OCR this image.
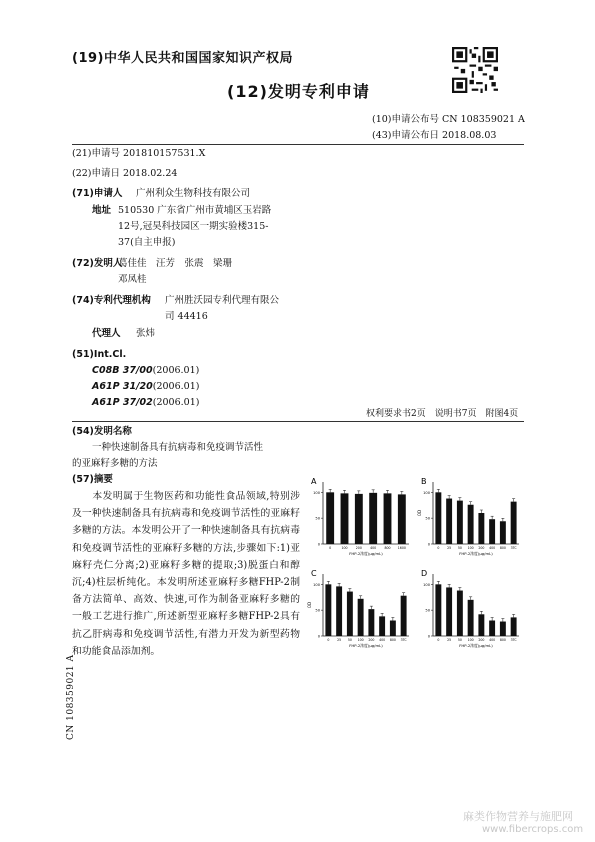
(19)中华人民共和国国家知识产权局
(12)发明专利申请
(10)申请公布号 CN 108359021 A
(43)申请公布日 2018.08.03
(21)申请号 201810157531.X
(22)申请日 2018.02.24
(71)申请人 广州利众生物科技有限公司
地址 510530 广东省广州市黄埔区玉岩路
12号,冠昊科技园区一期实验楼315-
37(自主申报)
(72)发明人
葛佳佳　汪芳　张震　梁珊
邓凤桂
(74)专利代理机构 广州胜沃园专利代理有限公
司 44416
代理人 张炜
(51)Int.Cl.
C08B 37/00(2006.01)
A61P 31/20(2006.01)
A61P 37/02(2006.01)
权利要求书2页　说明书7页　附图4页
(54)发明名称
一种快速制备具有抗病毒和免疫调节活性
的亚麻籽多糖的方法
(57)摘要
本发明属于生物医药和功能性食品领域,特别涉及一种快速制备具有抗病毒和免疫调节活性的亚麻籽多糖的方法。本发明公开了一种快速制备具有抗病毒和免疫调节活性的亚麻籽多糖的方法,步骤如下:1)亚麻籽壳仁分离;2)亚麻籽多糖的提取;3)脱蛋白和醇沉;4)柱层析纯化。本发明所述亚麻籽多糖FHP-2制备方法简单、高效、快速,可作为制备亚麻籽多糖的一般工艺进行推广,所述新型亚麻籽多糖FHP-2具有抗乙肝病毒和免疫调节活性,有潜力开发为新型药物和功能食品添加剂。
A
0
50
100
0	100	200	400	800 1600
FHP-2浓度(μg/mL)
B
0
50
100
OD
0 25 50 100 200 400 800 3TC
FHP-2浓度(μg/mL)
C
0
50
100
OD
0 25 50 100 200 400 800 3TC
FHP-2浓度(μg/mL)
D
0
50
100
0 25 50 100 200 400 800 3TC
FHP-2浓度(μg/mL)
CN 108359021 A
麻类作物营养与施肥网
www.fibercrops.com
